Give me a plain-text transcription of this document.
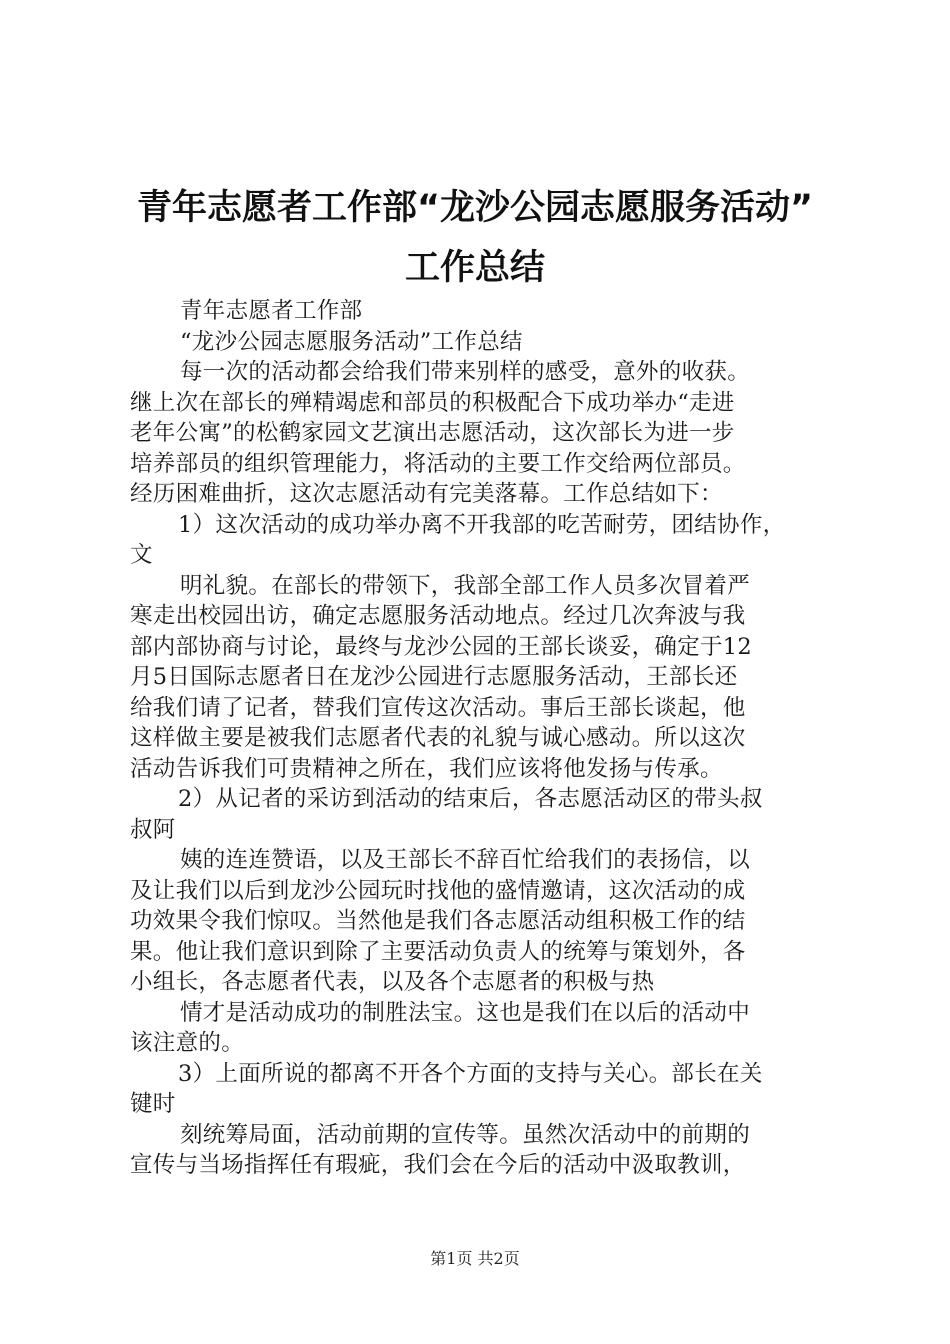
青年志愿者工作部“龙沙公园志愿服务活动”
工作总结

青年志愿者工作部

“龙沙公园志愿服务活动”工作总结

每一次的活动都会给我们带来别样的感受，意外的收获。

继上次在部长的殚精竭虑和部员的积极配合下成功举办“走进

老年公寓”的松鹤家园文艺演出志愿活动，这次部长为进一步

培养部员的组织管理能力，将活动的主要工作交给两位部员。

经历困难曲折，这次志愿活动有完美落幕。工作总结如下：

1）这次活动的成功举办离不开我部的吃苦耐劳，团结协作，

文

明礼貌。在部长的带领下，我部全部工作人员多次冒着严

寒走出校园出访，确定志愿服务活动地点。经过几次奔波与我

部内部协商与讨论，最终与龙沙公园的王部长谈妥，确定于12

月5日国际志愿者日在龙沙公园进行志愿服务活动，王部长还

给我们请了记者，替我们宣传这次活动。事后王部长谈起，他

这样做主要是被我们志愿者代表的礼貌与诚心感动。所以这次

活动告诉我们可贵精神之所在，我们应该将他发扬与传承。

2）从记者的采访到活动的结束后，各志愿活动区的带头叔

叔阿

姨的连连赞语，以及王部长不辞百忙给我们的表扬信，以

及让我们以后到龙沙公园玩时找他的盛情邀请，这次活动的成

功效果令我们惊叹。当然他是我们各志愿活动组积极工作的结

果。他让我们意识到除了主要活动负责人的统筹与策划外，各

小组长，各志愿者代表，以及各个志愿者的积极与热

情才是活动成功的制胜法宝。这也是我们在以后的活动中

该注意的。

3）上面所说的都离不开各个方面的支持与关心。部长在关

键时

刻统筹局面，活动前期的宣传等。虽然次活动中的前期的

宣传与当场指挥任有瑕疵，我们会在今后的活动中汲取教训，

第1页 共2页
